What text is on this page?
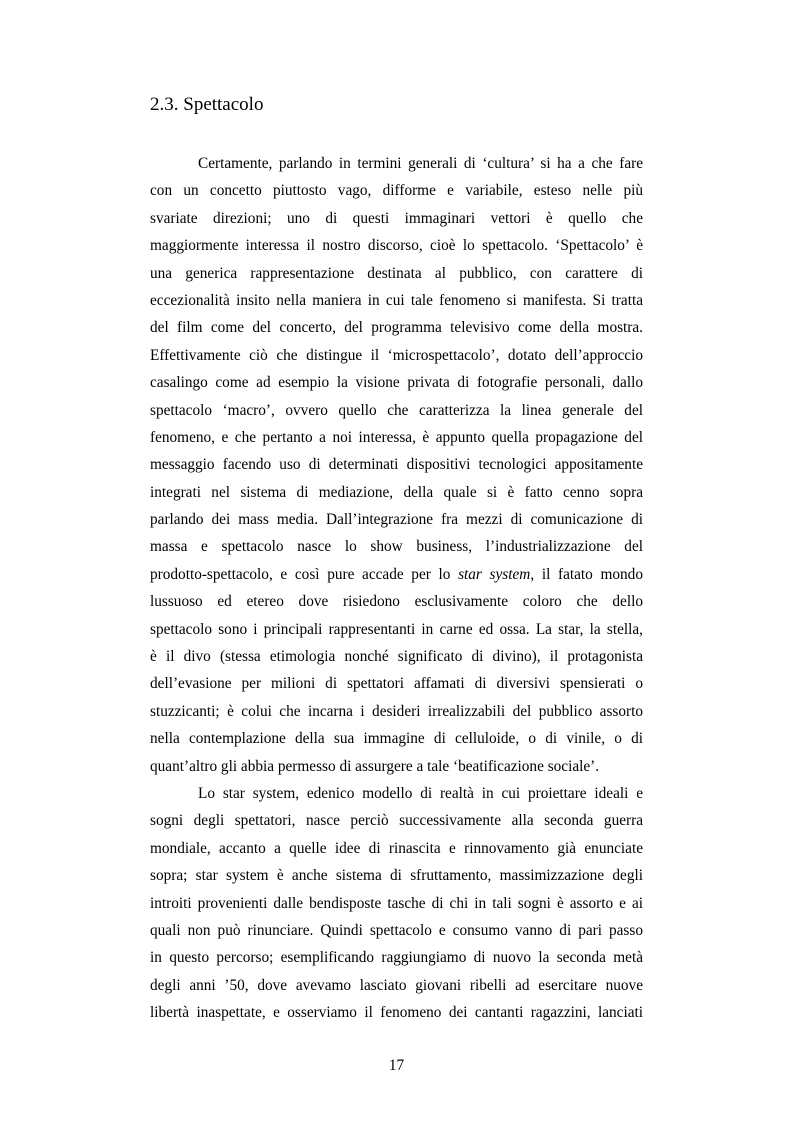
2.3. Spettacolo
Certamente, parlando in termini generali di ‘cultura’ si ha a che fare
con un concetto piuttosto vago, difforme e variabile, esteso nelle più
svariate direzioni; uno di questi immaginari vettori è quello che
maggiormente interessa il nostro discorso, cioè lo spettacolo. ‘Spettacolo’ è
una generica rappresentazione destinata al pubblico, con carattere di
eccezionalità insito nella maniera in cui tale fenomeno si manifesta. Si tratta
del film come del concerto, del programma televisivo come della mostra.
Effettivamente ciò che distingue il ‘microspettacolo’, dotato dell’approccio
casalingo come ad esempio la visione privata di fotografie personali, dallo
spettacolo ‘macro’, ovvero quello che caratterizza la linea generale del
fenomeno, e che pertanto a noi interessa, è appunto quella propagazione del
messaggio facendo uso di determinati dispositivi tecnologici appositamente
integrati nel sistema di mediazione, della quale si è fatto cenno sopra
parlando dei mass media. Dall’integrazione fra mezzi di comunicazione di
massa e spettacolo nasce lo show business, l’industrializzazione del
prodotto-spettacolo, e così pure accade per lo star system, il fatato mondo
lussuoso ed etereo dove risiedono esclusivamente coloro che dello
spettacolo sono i principali rappresentanti in carne ed ossa. La star, la stella,
è il divo (stessa etimologia nonché significato di divino), il protagonista
dell’evasione per milioni di spettatori affamati di diversivi spensierati o
stuzzicanti; è colui che incarna i desideri irrealizzabili del pubblico assorto
nella contemplazione della sua immagine di celluloide, o di vinile, o di
quant’altro gli abbia permesso di assurgere a tale ‘beatificazione sociale’.
Lo star system, edenico modello di realtà in cui proiettare ideali e
sogni degli spettatori, nasce perciò successivamente alla seconda guerra
mondiale, accanto a quelle idee di rinascita e rinnovamento già enunciate
sopra; star system è anche sistema di sfruttamento, massimizzazione degli
introiti provenienti dalle bendisposte tasche di chi in tali sogni è assorto e ai
quali non può rinunciare. Quindi spettacolo e consumo vanno di pari passo
in questo percorso; esemplificando raggiungiamo di nuovo la seconda metà
degli anni ’50, dove avevamo lasciato giovani ribelli ad esercitare nuove
libertà inaspettate, e osserviamo il fenomeno dei cantanti ragazzini, lanciati
17
